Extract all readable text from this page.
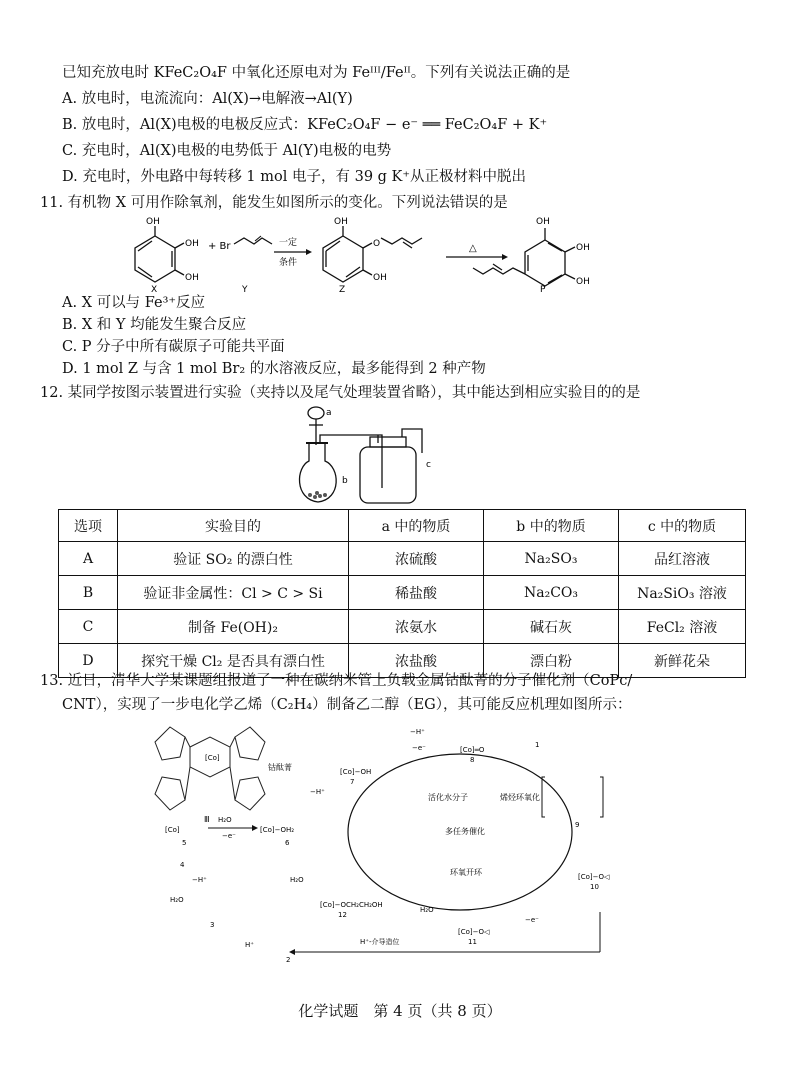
已知充放电时 KFeC₂O₄F 中氧化还原电对为 Feᴵᴵᴵ/Feᴵᴵ。下列有关说法正确的是
A. 放电时，电流流向：Al(X)→电解液→Al(Y)
B. 放电时，Al(X)电极的电极反应式：KFeC₂O₄F − e⁻ ══ FeC₂O₄F + K⁺
C. 充电时，Al(X)电极的电势低于 Al(Y)电极的电势
D. 充电时，外电路中每转移 1 mol 电子，有 39 g K⁺从正极材料中脱出
11. 有机物 X 可用作除氧剂，能发生如图所示的变化。下列说法错误的是
OH
OH
OH
X
+ Br
Y
一定
条件
OH
O
OH
Z
△
OH
OH
OH
P
A. X 可以与 Fe³⁺反应
B. X 和 Y 均能发生聚合反应
C. P 分子中所有碳原子可能共平面
D. 1 mol Z 与含 1 mol Br₂ 的水溶液反应，最多能得到 2 种产物
12. 某同学按图示装置进行实验（夹持以及尾气处理装置省略），其中能达到相应实验目的的是
a
b
c
选项	实验目的	a 中的物质	b 中的物质	c 中的物质
A	验证 SO₂ 的漂白性	浓硫酸	Na₂SO₃	品红溶液
B	验证非金属性：Cl > C > Si	稀盐酸	Na₂CO₃	Na₂SiO₃ 溶液
C	制备 Fe(OH)₂	浓氨水	碱石灰	FeCl₂ 溶液
D	探究干燥 Cl₂ 是否具有漂白性	浓盐酸	漂白粉	新鲜花朵
13. 近日，清华大学某课题组报道了一种在碳纳米管上负载金属钴酞菁的分子催化剂（CoPc/
CNT），实现了一步电化学乙烯（C₂H₄）制备乙二醇（EG），其可能反应机理如图所示：
[Co]
钴酞菁
Ⅲ
活化水分子	烯烃环氧化
多任务催化
环氧开环
[Co]
5
H₂O
−e⁻
[Co]−OH₂
6
[Co]−OH
7
−H⁺
−H⁺
−e⁻	[Co]═O
8
1
9
[Co]−O◁
10
−e⁻
[Co]−O◁
11
H₂O
[Co]−OCH₂CH₂OH
12
H₂O
4
−H⁺
H₂O
3
H⁺
2
H⁺-介导造位
化学试题　第 4 页（共 8 页）
